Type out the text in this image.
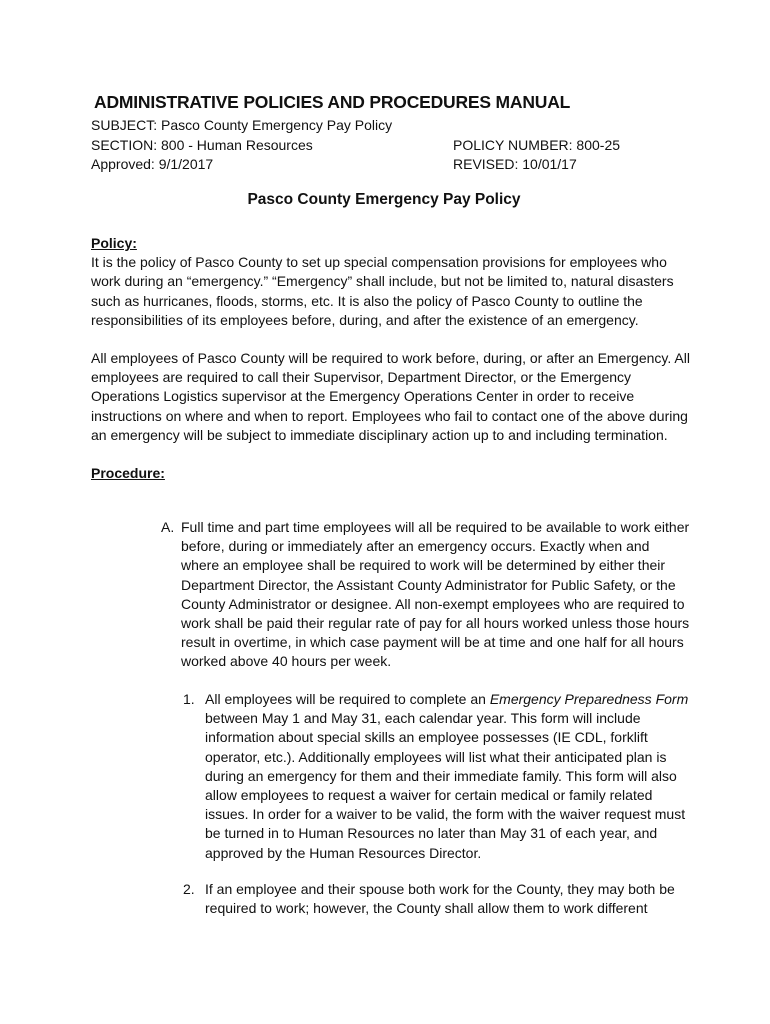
ADMINISTRATIVE POLICIES AND PROCEDURES MANUAL
SUBJECT: Pasco County Emergency Pay Policy
SECTION: 800 - Human Resources	POLICY NUMBER: 800-25
Approved: 9/1/2017	REVISED: 10/01/17
Pasco County Emergency Pay Policy
Policy:

It is the policy of Pasco County to set up special compensation provisions for employees who work during an “emergency.” “Emergency” shall include, but not be limited to, natural disasters such as hurricanes, floods, storms, etc. It is also the policy of Pasco County to outline the responsibilities of its employees before, during, and after the existence of an emergency.

All employees of Pasco County will be required to work before, during, or after an Emergency. All employees are required to call their Supervisor, Department Director, or the Emergency Operations Logistics supervisor at the Emergency Operations Center in order to receive instructions on where and when to report. Employees who fail to contact one of the above during an emergency will be subject to immediate disciplinary action up to and including termination.

Procedure:
A. Full time and part time employees will all be required to be available to work either before, during or immediately after an emergency occurs. Exactly when and where an employee shall be required to work will be determined by either their Department Director, the Assistant County Administrator for Public Safety, or the County Administrator or designee. All non-exempt employees who are required to work shall be paid their regular rate of pay for all hours worked unless those hours result in overtime, in which case payment will be at time and one half for all hours worked above 40 hours per week.
1. All employees will be required to complete an Emergency Preparedness Form between May 1 and May 31, each calendar year. This form will include information about special skills an employee possesses (IE CDL, forklift operator, etc.). Additionally employees will list what their anticipated plan is during an emergency for them and their immediate family. This form will also allow employees to request a waiver for certain medical or family related issues. In order for a waiver to be valid, the form with the waiver request must be turned in to Human Resources no later than May 31 of each year, and approved by the Human Resources Director.
2. If an employee and their spouse both work for the County, they may both be required to work; however, the County shall allow them to work different
